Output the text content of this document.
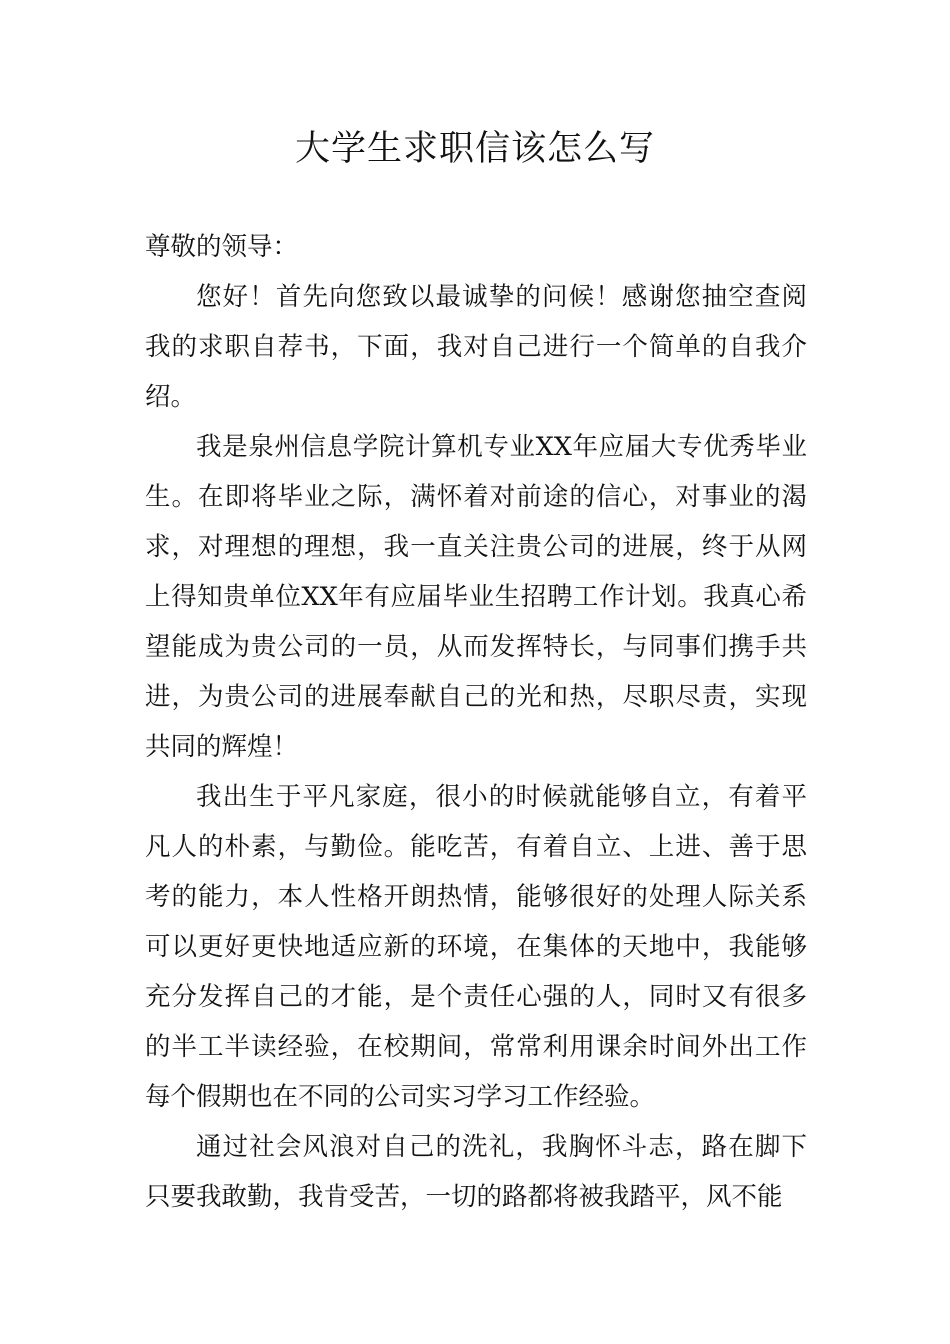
大学生求职信该怎么写

尊敬的领导：

您好！首先向您致以最诚挚的问候！感谢您抽空查阅我的求职自荐书，下面，我对自己进行一个简单的自我介绍。

我是泉州信息学院计算机专业XX年应届大专优秀毕业生。在即将毕业之际，满怀着对前途的信心，对事业的渴求，对理想的理想，我一直关注贵公司的进展，终于从网上得知贵单位XX年有应届毕业生招聘工作计划。我真心希望能成为贵公司的一员，从而发挥特长，与同事们携手共进，为贵公司的进展奉献自己的光和热，尽职尽责，实现共同的辉煌！

我出生于平凡家庭，很小的时候就能够自立，有着平凡人的朴素，与勤俭。能吃苦，有着自立、上进、善于思考的能力，本人性格开朗热情，能够很好的处理人际关系可以更好更快地适应新的环境，在集体的天地中，我能够充分发挥自己的才能，是个责任心强的人，同时又有很多的半工半读经验，在校期间，常常利用课余时间外出工作每个假期也在不同的公司实习学习工作经验。

通过社会风浪对自己的洗礼，我胸怀斗志，路在脚下只要我敢勤，我肯受苦，一切的路都将被我踏平，风不能
